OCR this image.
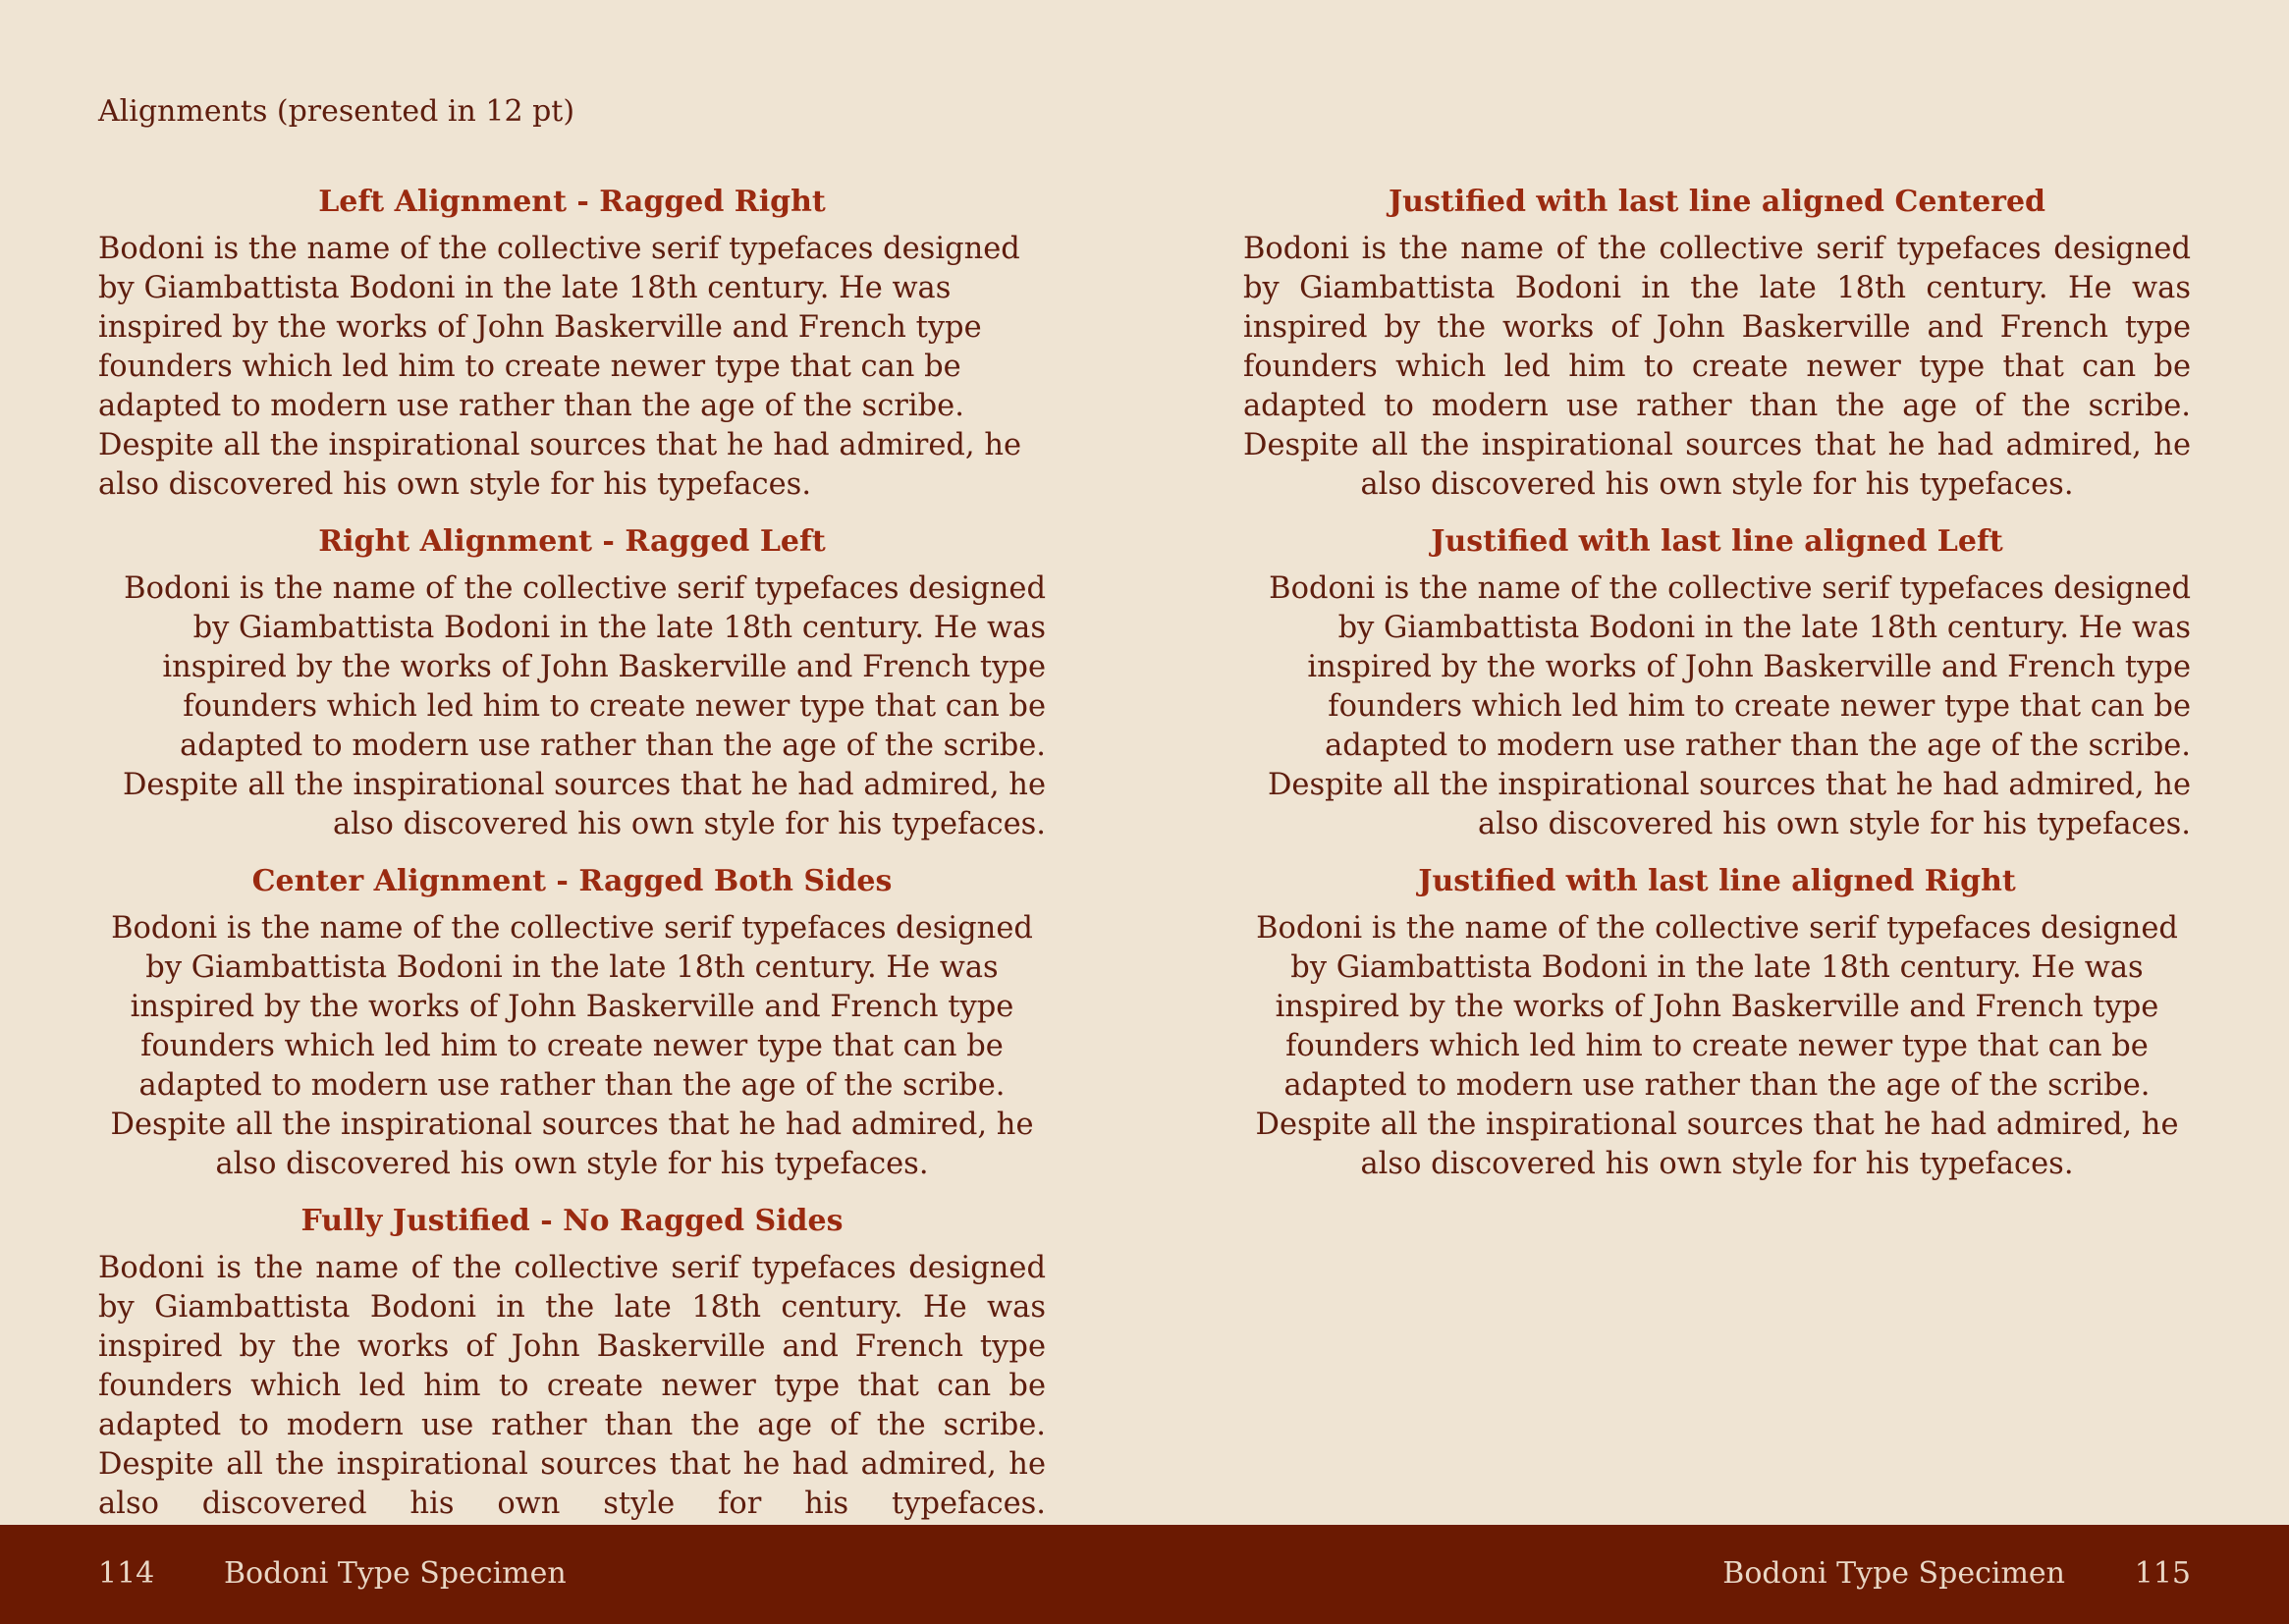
Alignments (presented in 12 pt)
Left Alignment - Ragged Right

Bodoni is the name of the collective serif typefaces designed by Giambattista Bodoni in the late 18th century. He was inspired by the works of John Baskerville and French type founders which led him to create newer type that can be adapted to modern use rather than the age of the scribe. Despite all the inspirational sources that he had admired, he also discovered his own style for his typefaces.

Right Alignment - Ragged Left

Bodoni is the name of the collective serif typefaces designed by Giambattista Bodoni in the late 18th century. He was inspired by the works of John Baskerville and French type founders which led him to create newer type that can be adapted to modern use rather than the age of the scribe. Despite all the inspirational sources that he had admired, he also discovered his own style for his typefaces.

Center Alignment - Ragged Both Sides

Bodoni is the name of the collective serif typefaces designed by Giambattista Bodoni in the late 18th century. He was inspired by the works of John Baskerville and French type founders which led him to create newer type that can be adapted to modern use rather than the age of the scribe. Despite all the inspirational sources that he had admired, he also discovered his own style for his typefaces.

Fully Justified - No Ragged Sides

Bodoni is the name of the collective serif typefaces designed by Giambattista Bodoni in the late 18th century. He was inspired by the works of John Baskerville and French type founders which led him to create newer type that can be adapted to modern use rather than the age of the scribe. Despite all the inspirational sources that he had admired, he also discovered his own style for his typefaces.

Justified with last line aligned Centered

Bodoni is the name of the collective serif typefaces designed by Giambattista Bodoni in the late 18th century. He was inspired by the works of John Baskerville and French type founders which led him to create newer type that can be adapted to modern use rather than the age of the scribe. Despite all the inspirational sources that he had admired, he also discovered his own style for his typefaces.

Justified with last line aligned Left

Bodoni is the name of the collective serif typefaces designed by Giambattista Bodoni in the late 18th century. He was inspired by the works of John Baskerville and French type founders which led him to create newer type that can be adapted to modern use rather than the age of the scribe. Despite all the inspirational sources that he had admired, he also discovered his own style for his typefaces.

Justified with last line aligned Right

Bodoni is the name of the collective serif typefaces designed by Giambattista Bodoni in the late 18th century. He was inspired by the works of John Baskerville and French type founders which led him to create newer type that can be adapted to modern use rather than the age of the scribe. Despite all the inspirational sources that he had admired, he also discovered his own style for his typefaces.

114 Bodoni Type Specimen	Bodoni Type Specimen 115
